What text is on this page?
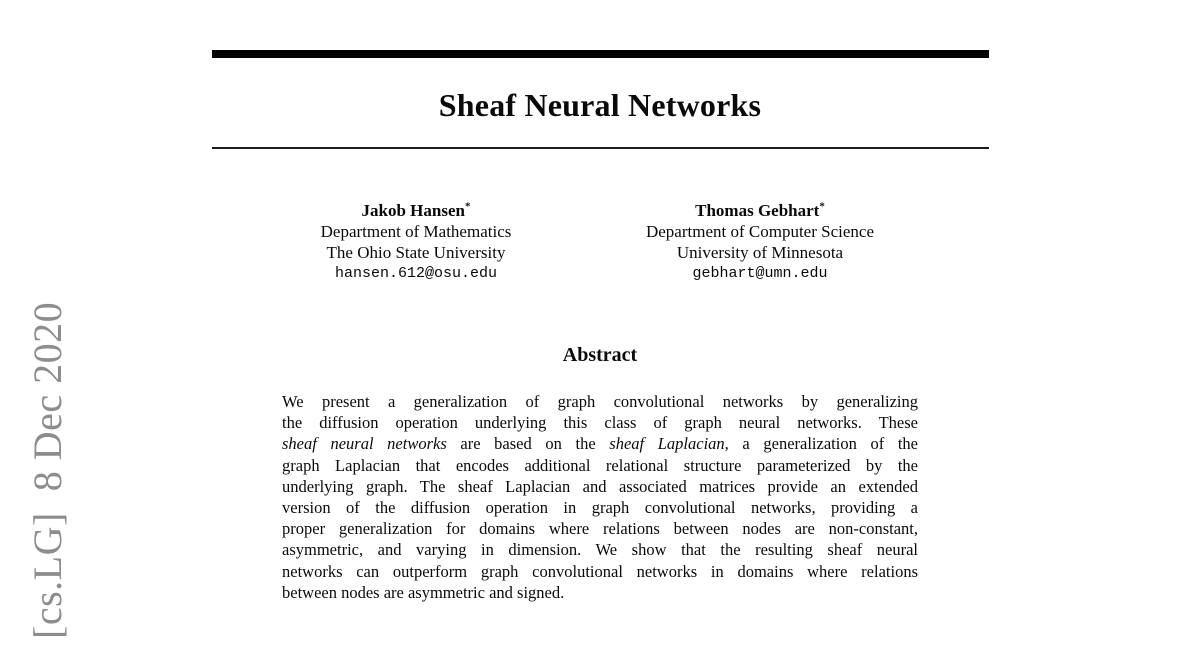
[cs.LG]  8 Dec 2020
Sheaf Neural Networks
Jakob Hansen*
Department of Mathematics
The Ohio State University
hansen.612@osu.edu
Thomas Gebhart*
Department of Computer Science
University of Minnesota
gebhart@umn.edu
Abstract
We present a generalization of graph convolutional networks by generalizing
the diffusion operation underlying this class of graph neural networks. These
sheaf neural networks are based on the sheaf Laplacian, a generalization of the
graph Laplacian that encodes additional relational structure parameterized by the
underlying graph. The sheaf Laplacian and associated matrices provide an extended
version of the diffusion operation in graph convolutional networks, providing a
proper generalization for domains where relations between nodes are non-constant,
asymmetric, and varying in dimension. We show that the resulting sheaf neural
networks can outperform graph convolutional networks in domains where relations
between nodes are asymmetric and signed.
